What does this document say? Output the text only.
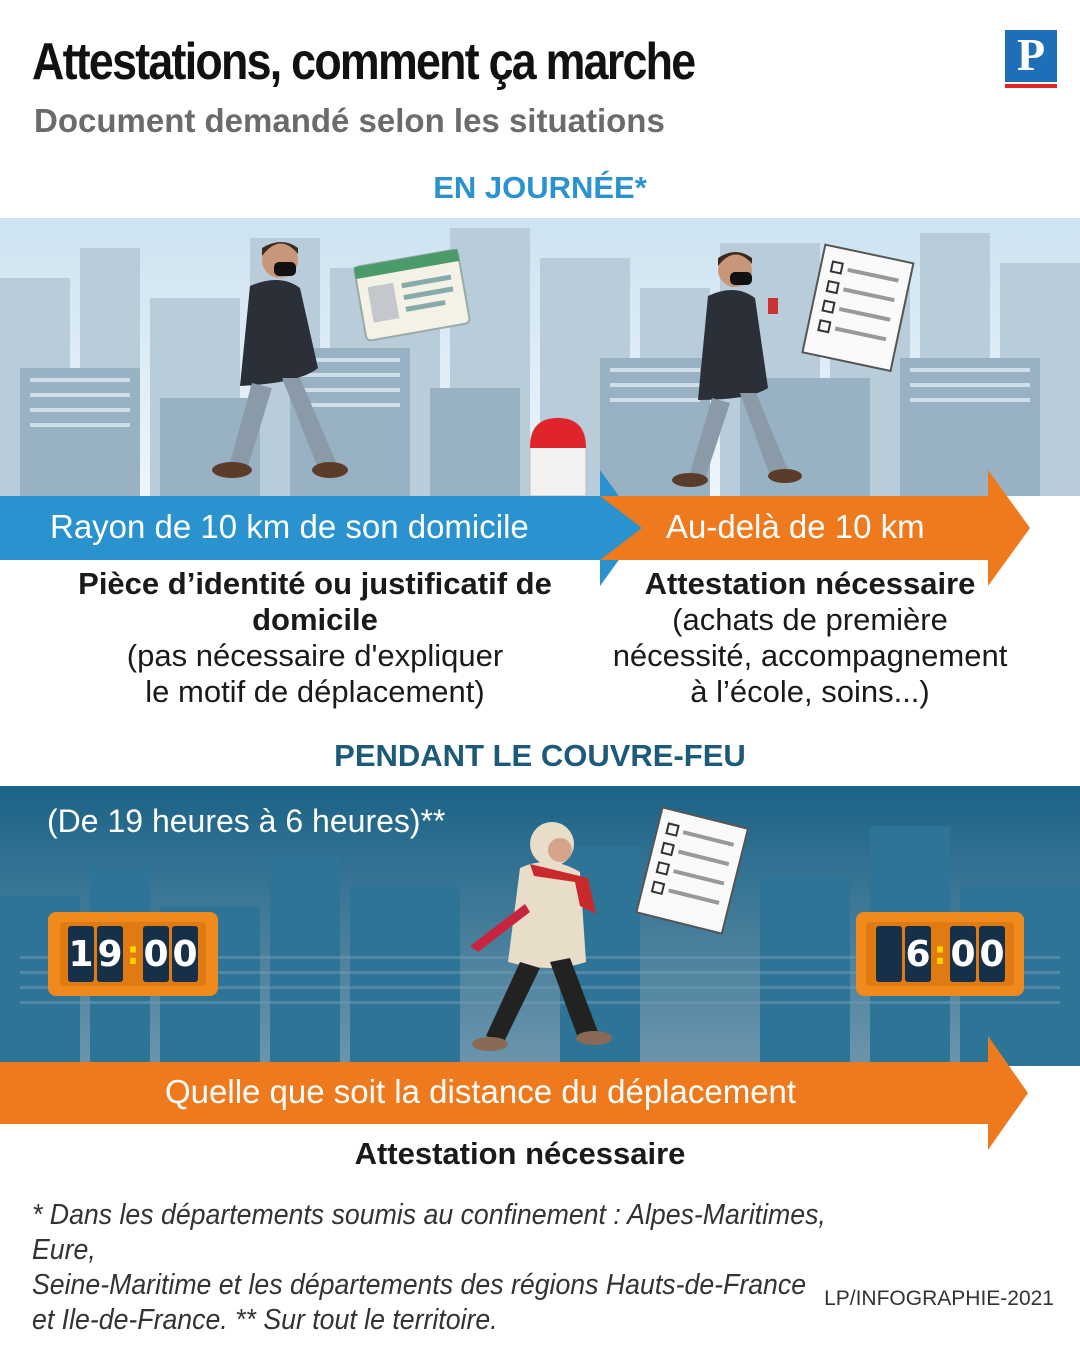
Attestations, comment ça marche
Document demandé selon les situations
P
EN JOURNÉE*
Rayon de 10 km de son domicile	Au-delà de 10 km
Pièce d’identité ou justificatif de domicile
(pas nécessaire d'expliquer
le motif de déplacement)
Attestation nécessaire
(achats de première
nécessité, accompagnement
à l’école, soins...)
PENDANT LE COUVRE-FEU
1 9 : 0 0	6 : 0 0
(De 19 heures à 6 heures)**
Quelle que soit la distance du déplacement
Attestation nécessaire
* Dans les départements soumis au confinement : Alpes-Maritimes, Eure,
Seine-Maritime et les départements des régions Hauts-de-France
et Ile-de-France. ** Sur tout le territoire.
LP/INFOGRAPHIE-2021
